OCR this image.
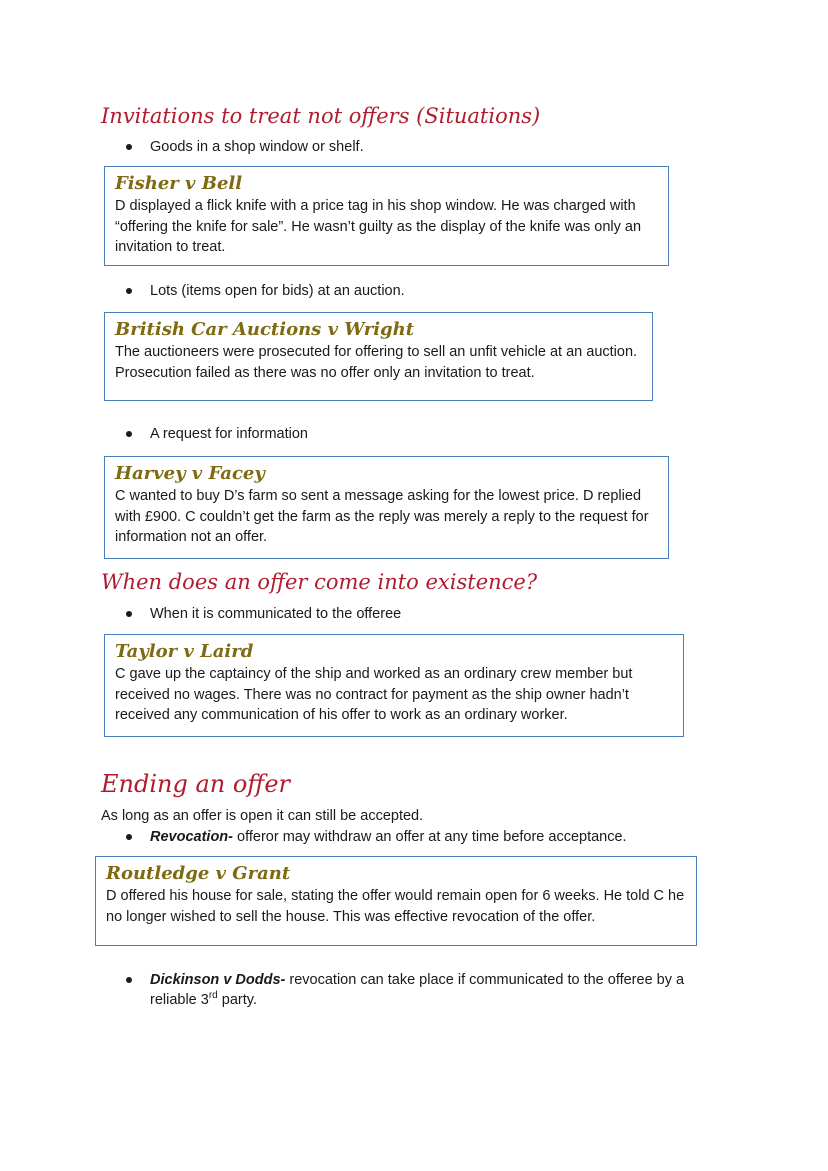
Invitations to treat not offers (Situations)
Goods in a shop window or shelf.

Fisher v Bell

D displayed a flick knife with a price tag in his shop window. He was charged with “offering the knife for sale”. He wasn’t guilty as the display of the knife was only an invitation to treat.

Lots (items open for bids) at an auction.

British Car Auctions v Wright

The auctioneers were prosecuted for offering to sell an unfit vehicle at an auction. Prosecution failed as there was no offer only an invitation to treat.

A request for information

Harvey v Facey

C wanted to buy D’s farm so sent a message asking for the lowest price. D replied with £900. C couldn’t get the farm as the reply was merely a reply to the request for information not an offer.

When does an offer come into existence?
When it is communicated to the offeree

Taylor v Laird

C gave up the captaincy of the ship and worked as an ordinary crew member but received no wages. There was no contract for payment as the ship owner hadn’t received any communication of his offer to work as an ordinary worker.

Ending an offer
As long as an offer is open it can still be accepted.
Revocation- offeror may withdraw an offer at any time before acceptance.

Routledge v Grant

D offered his house for sale, stating the offer would remain open for 6 weeks. He told C he no longer wished to sell the house. This was effective revocation of the offer.

Dickinson v Dodds- revocation can take place if communicated to the offeree by a reliable 3rd party.
